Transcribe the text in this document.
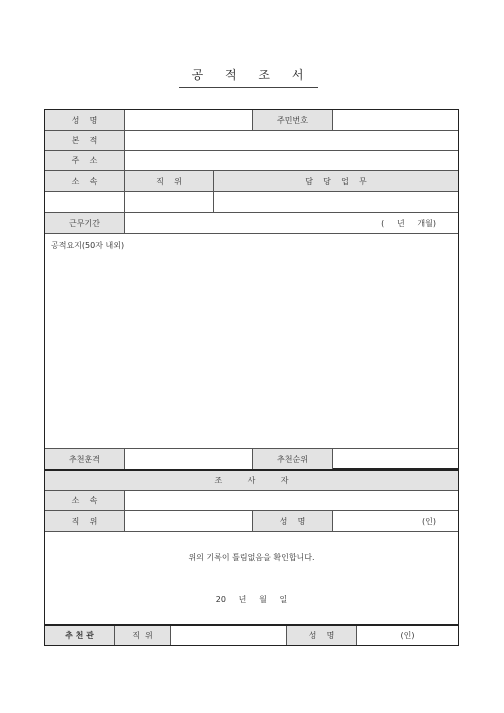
공 적 조 서
성    명	주민번호
본    적
주    소
소    속	직    위	담    당    업    무
근무기간	(     년     개월)
공적요지(50자 내외)
추천훈격	추천순위
조          사          자
소    속
직    위	성    명	(인)
위의 기록이 틀림없음을 확인합니다.
20     년     월     일
추 천 관	직  위	성    명	(인)
